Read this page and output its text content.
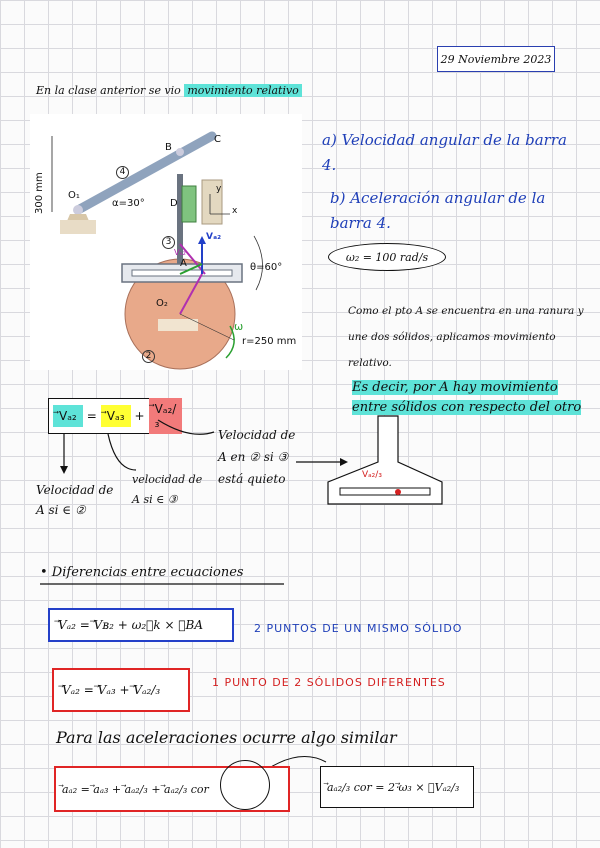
29 Noviembre 2023
En la clase anterior se vio movimiento relativo
300 mm
B
C
O₁
D
O₂
A
α=30°
θ=60°
r=250 mm
ω
4
3
2
y
x
Vₐ₂
Vₐ₂
a) Velocidad angular de la barra 4.
b) Aceleración angular de la barra 4.
ω₂ = 100 rad/s
Como el pto A se encuentra en una ranura y une dos sólidos, aplicamos movimiento relativo.
Es decir, por A hay movimiento entre sólidos con respecto del otro
⃗Vₐ₂ = ⃗Vₐ₃ + ⃗Vₐ₂/₃
Velocidad de A si ∈ ②
velocidad de A si ∈ ③
Velocidad de A en ② si ③ está quieto	Vₐ₂/₃
• Diferencias entre ecuaciones
⃗Vₐ₂ = ⃗Vʙ₂ + ω₂⃗k × ⃗BA	2 PUNTOS DE UN MISMO SÓLIDO
⃗Vₐ₂ = ⃗Vₐ₃ + ⃗Vₐ₂/₃
1 PUNTO DE 2 SÓLIDOS DIFERENTES
Para las aceleraciones ocurre algo similar
⃗aₐ₂ = ⃗aₐ₃ + ⃗aₐ₂/₃ + ⃗aₐ₂/₃ cor	⃗aₐ₂/₃ cor = 2·⃗ω₃ × ⃗Vₐ₂/₃
